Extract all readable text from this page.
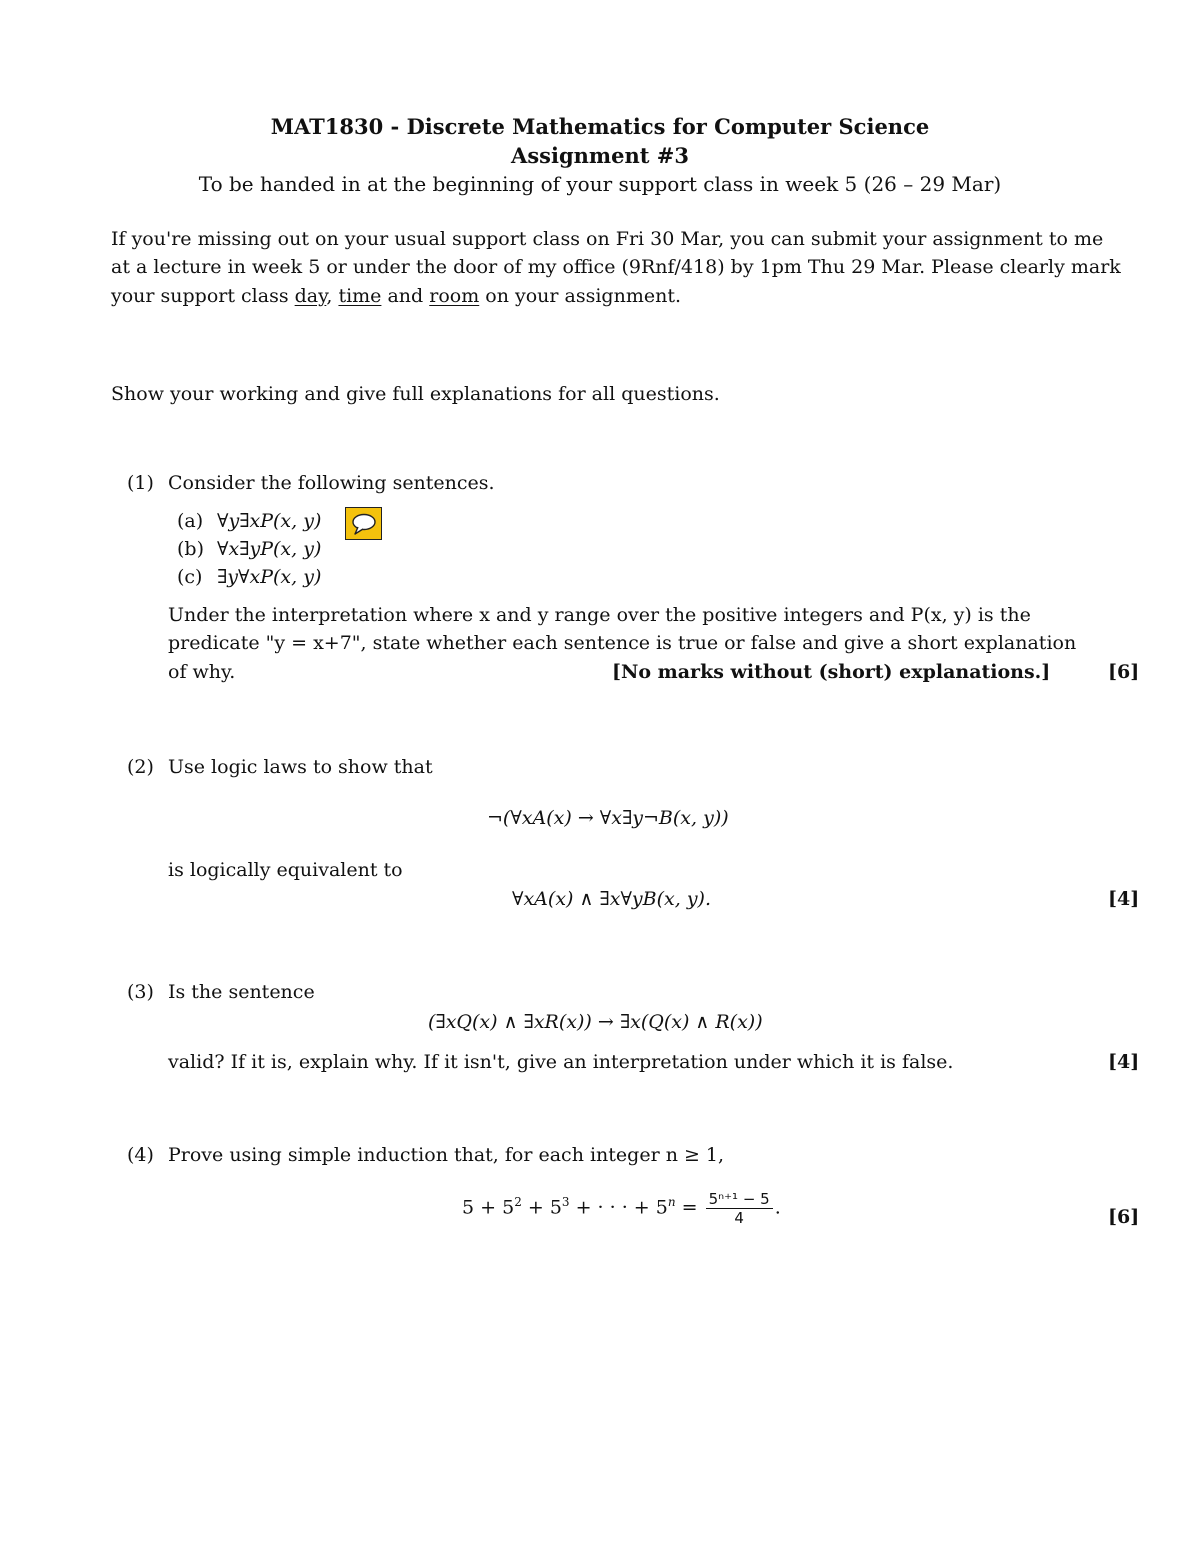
MAT1830 - Discrete Mathematics for Computer Science
Assignment #3
To be handed in at the beginning of your support class in week 5 (26 – 29 Mar)
If you're missing out on your usual support class on Fri 30 Mar, you can submit your assignment to me
at a lecture in week 5 or under the door of my office (9Rnf/418) by 1pm Thu 29 Mar. Please clearly mark
your support class day, time and room on your assignment.
Show your working and give full explanations for all questions.
(1) Consider the following sentences.
(a) ∀y∃xP(x, y)
(b) ∀x∃yP(x, y)
(c) ∃y∀xP(x, y)
Under the interpretation where x and y range over the positive integers and P(x, y) is the
predicate "y = x+7", state whether each sentence is true or false and give a short explanation
of why.	[No marks without (short) explanations.]	[6]
(2) Use logic laws to show that
¬(∀xA(x) → ∀x∃y¬B(x, y))
is logically equivalent to
∀xA(x) ∧ ∃x∀yB(x, y).	[4]
(3) Is the sentence
(∃xQ(x) ∧ ∃xR(x)) → ∃x(Q(x) ∧ R(x))
valid? If it is, explain why. If it isn't, give an interpretation under which it is false.	[4]
(4) Prove using simple induction that, for each integer n ≥ 1,
$5 + 5^2 + 5^3$ + · · · + $5^n = \frac{\text{5ⁿ⁺¹ − 5}}{4}$ .	[6]
